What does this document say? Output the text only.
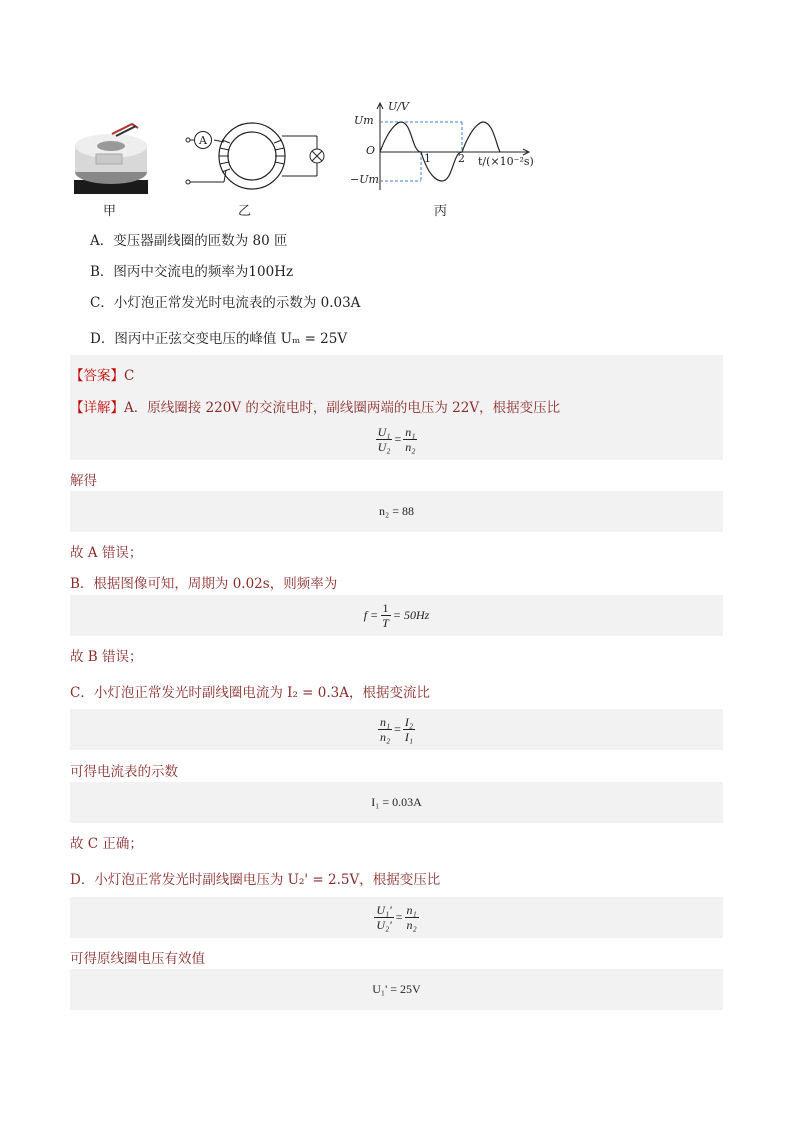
甲
A
乙
U/V
Um
O
1 2 t/(×10⁻²s)
−Um
丙
A．变压器副线圈的匝数为 80 匝
B．图丙中交流电的频率为100Hz
C．小灯泡正常发光时电流表的示数为 0.03A
D．图丙中正弦交变电压的峰值 Uₘ = 25V
【答案】C
【详解】A．原线圈接 220V 的交流电时，副线圈两端的电压为 22V，根据变压比
$\frac{\text{U₁}}{\text{U₂}} = \frac{\text{n₁}}{\text{n₂}}$
解得
n₂ = 88
故 A 错误；
B．根据图像可知，周期为 0.02s，则频率为
$f = \frac{1}{T} = 50Hz$
故 B 错误；
C．小灯泡正常发光时副线圈电流为 I₂ = 0.3A，根据变流比
$\frac{\text{n₁}}{\text{n₂}} = \frac{\text{I₂}}{\text{I₁}}$
可得电流表的示数
I₁ = 0.03A
故 C 正确；
D．小灯泡正常发光时副线圈电压为 U₂' = 2.5V，根据变压比
$\frac{\text{U₁'}}{\text{U₂'}} = \frac{\text{n₁}}{\text{n₂}}$
可得原线圈电压有效值
U₁' = 25V
